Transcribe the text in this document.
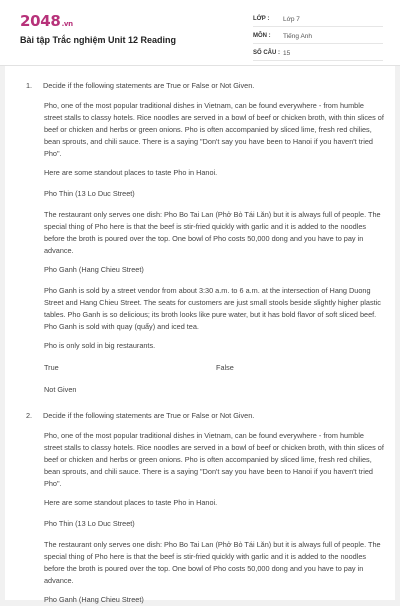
2048.vn
Bài tập Trắc nghiệm Unit 12 Reading
LỚP :	Lớp 7
MÔN :	Tiếng Anh
SỐ CÂU : 15
1. Decide if the following statements are True or False or Not Given.
Pho, one of the most popular traditional dishes in Vietnam, can be found everywhere - from humble street stalls to classy hotels. Rice noodles are served in a bowl of beef or chicken broth, with thin slices of beef or chicken and herbs or green onions. Pho is often accompanied by sliced lime, fresh red chilies, bean sprouts, and chili sauce. There is a saying "Don't say you have been to Hanoi if you haven't tried Pho".
Here are some standout places to taste Pho in Hanoi.
Pho Thin (13 Lo Duc Street)
The restaurant only serves one dish: Pho Bo Tai Lan (Phở Bò Tái Lăn) but it is always full of people. The special thing of Pho here is that the beef is stir-fried quickly with garlic and it is added to the noodles before the broth is poured over the top. One bowl of Pho costs 50,000 dong and you have to pay in advance.
Pho Ganh (Hang Chieu Street)
Pho Ganh is sold by a street vendor from about 3:30 a.m. to 6 a.m. at the intersection of Hang Duong Street and Hang Chieu Street. The seats for customers are just small stools beside slightly higher plastic tables. Pho Ganh is so delicious; its broth looks like pure water, but it has bold flavor of soft sliced beef. Pho Ganh is sold with quay (quẩy) and iced tea.
Pho is only sold in big restaurants.
True	False
Not Given
2. Decide if the following statements are True or False or Not Given.
Pho, one of the most popular traditional dishes in Vietnam, can be found everywhere - from humble street stalls to classy hotels. Rice noodles are served in a bowl of beef or chicken broth, with thin slices of beef or chicken and herbs or green onions. Pho is often accompanied by sliced lime, fresh red chilies, bean sprouts, and chili sauce. There is a saying "Don't say you have been to Hanoi if you haven't tried Pho".
Here are some standout places to taste Pho in Hanoi.
Pho Thin (13 Lo Duc Street)
The restaurant only serves one dish: Pho Bo Tai Lan (Phở Bò Tái Lăn) but it is always full of people. The special thing of Pho here is that the beef is stir-fried quickly with garlic and it is added to the noodles before the broth is poured over the top. One bowl of Pho costs 50,000 dong and you have to pay in advance.
Pho Ganh (Hang Chieu Street)
